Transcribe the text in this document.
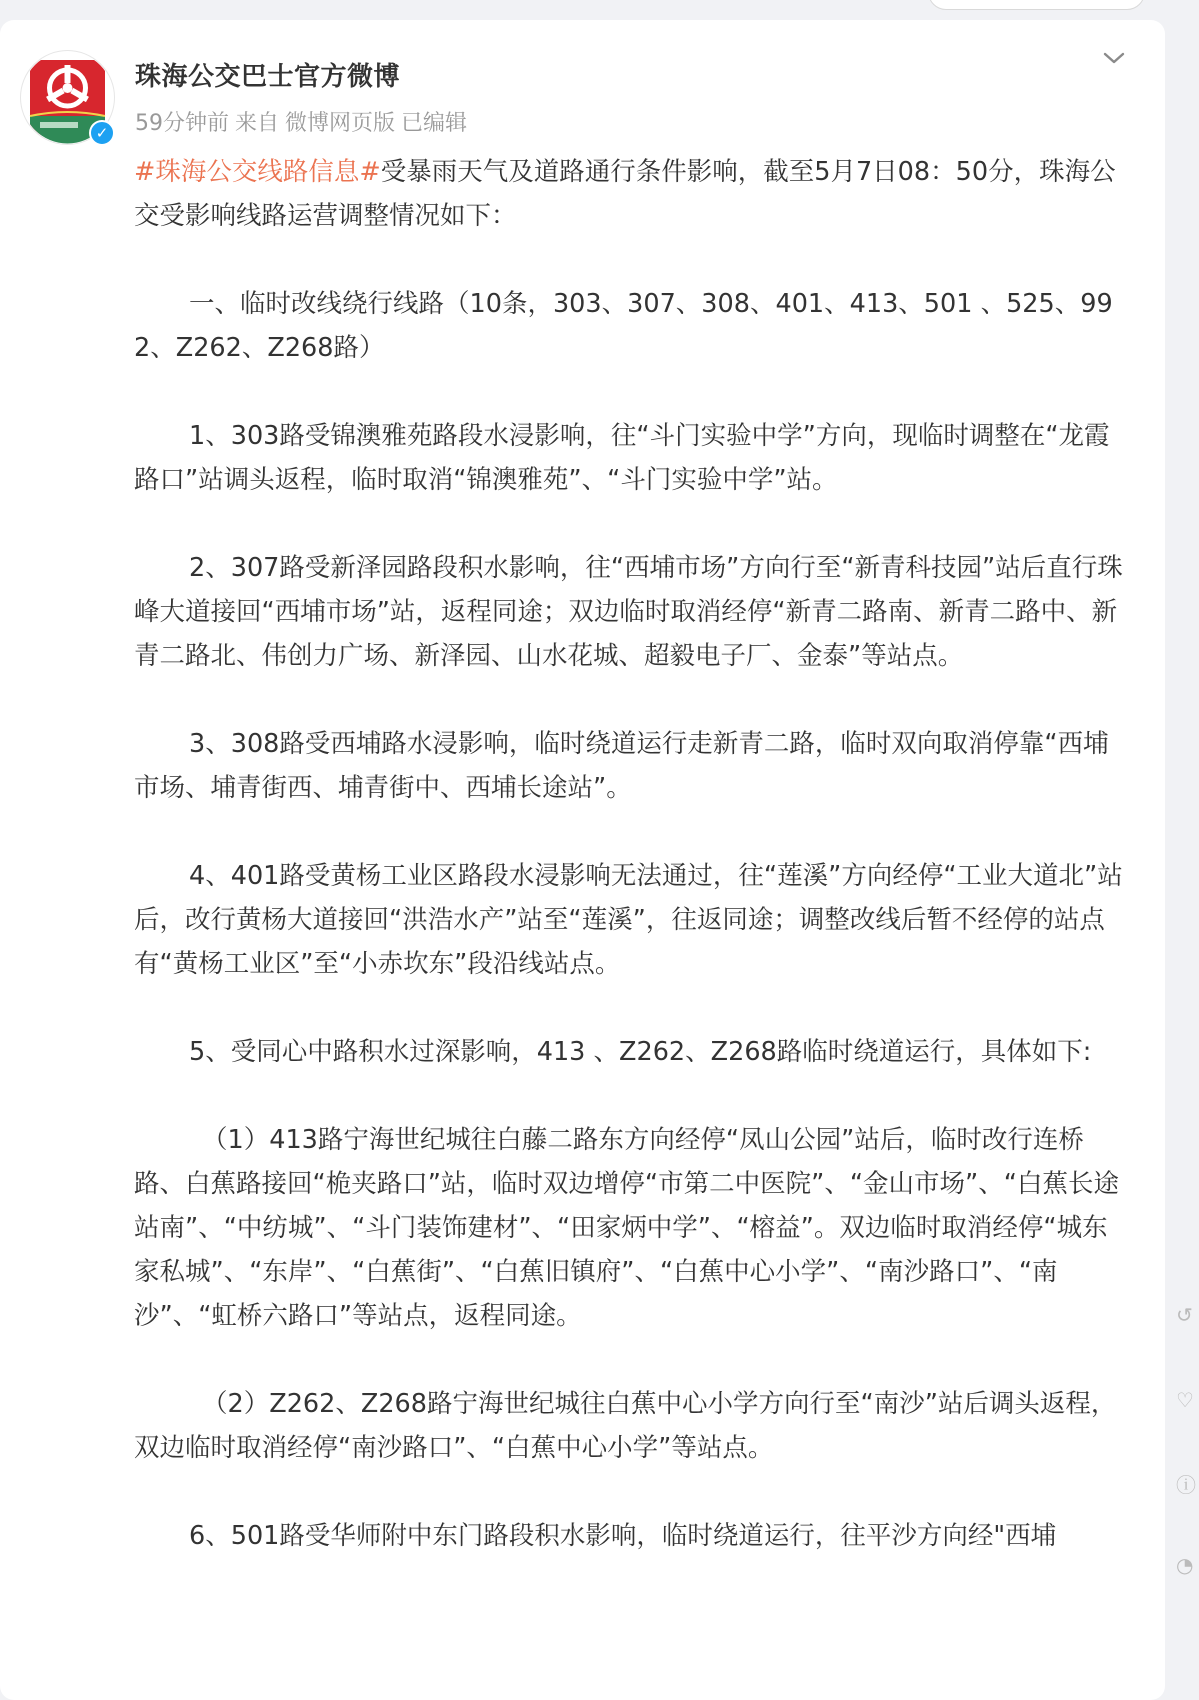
✓
珠海公交巴士官方微博
59分钟前 来自 微博网页版 已编辑

#珠海公交线路信息#受暴雨天气及道路通行条件影响，截至5月7日08：50分，珠海公交受影响线路运营调整情况如下：

一、临时改线绕行线路（10条，303、307、308、401、413、501 、525、992、Z262、Z268路）

1、303路受锦澳雅苑路段水浸影响，往“斗门实验中学”方向，现临时调整在“龙霞路口”站调头返程，临时取消“锦澳雅苑”、“斗门实验中学”站。

2、307路受新泽园路段积水影响，往“西埔市场”方向行至“新青科技园”站后直行珠峰大道接回“西埔市场”站，返程同途；双边临时取消经停“新青二路南、新青二路中、新青二路北、伟创力广场、新泽园、山水花城、超毅电子厂、金泰”等站点。

3、308路受西埔路水浸影响，临时绕道运行走新青二路，临时双向取消停靠“西埔市场、埔青街西、埔青街中、西埔长途站”。

4、401路受黄杨工业区路段水浸影响无法通过，往“莲溪”方向经停“工业大道北”站后，改行黄杨大道接回“洪浩水产”站至“莲溪”，往返同途；调整改线后暂不经停的站点有“黄杨工业区”至“小赤坎东”段沿线站点。

5、受同心中路积水过深影响，413 、Z262、Z268路临时绕道运行，具体如下:

（1）413路宁海世纪城往白藤二路东方向经停“凤山公园”站后，临时改行连桥路、白蕉路接回“桅夹路口”站，临时双边增停“市第二中医院”、“金山市场”、“白蕉长途站南”、“中纺城”、“斗门装饰建材”、“田家炳中学”、“榕益”。双边临时取消经停“城东家私城”、“东岸”、“白蕉街”、“白蕉旧镇府”、“白蕉中心小学”、“南沙路口”、“南沙”、“虹桥六路口”等站点，返程同途。

（2）Z262、Z268路宁海世纪城往白蕉中心小学方向行至“南沙”站后调头返程，双边临时取消经停“南沙路口”、“白蕉中心小学”等站点。

6、501路受华师附中东门路段积水影响，临时绕道运行，往平沙方向经"西埔

↺
♡
ⓘ
◔
